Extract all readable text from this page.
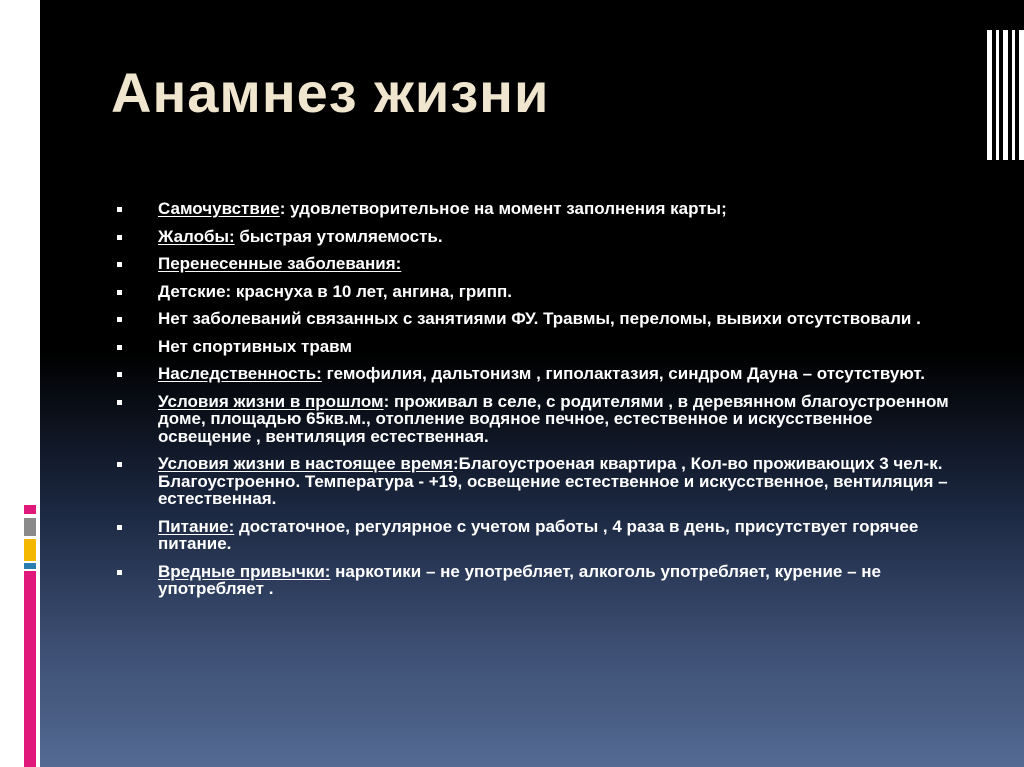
Анамнез жизни
Самочувствие: удовлетворительное на момент заполнения карты;
Жалобы: быстрая утомляемость.
Перенесенные заболевания:
Детские: краснуха в 10 лет, ангина, грипп.
Нет заболеваний связанных с занятиями ФУ. Травмы, переломы, вывихи отсутствовали .
Нет спортивных травм
Наследственность: гемофилия, дальтонизм , гиполактазия, синдром Дауна – отсутствуют.
Условия жизни в прошлом: проживал в селе, с родителями , в деревянном благоустроенном доме, площадью 65кв.м., отопление водяное печное, естественное и искусственное освещение , вентиляция естественная.
Условия жизни в настоящее время:Благоустроеная квартира , Кол-во проживающих 3 чел-к. Благоустроенно. Температура - +19, освещение естественное и искусственное, вентиляция – естественная.
Питание: достаточное, регулярное с учетом работы , 4 раза в день, присутствует горячее питание.
Вредные привычки: наркотики – не употребляет, алкоголь употребляет, курение – не употребляет .
